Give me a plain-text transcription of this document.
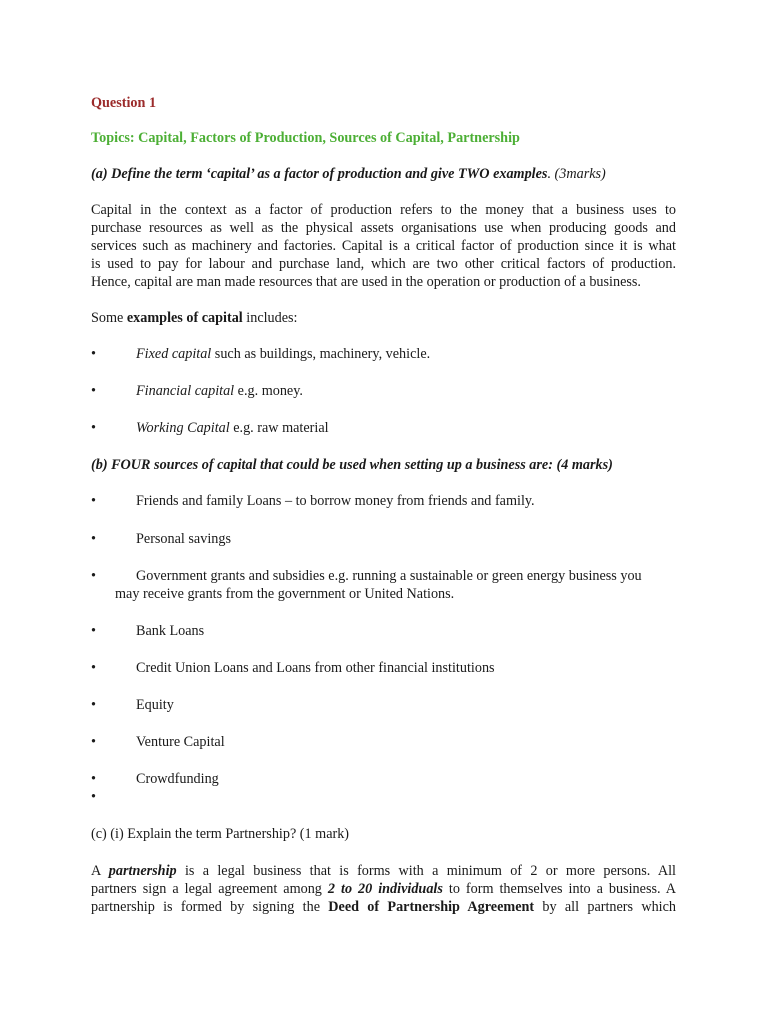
Question 1
Topics: Capital, Factors of Production, Sources of Capital, Partnership
(a) Define the term ‘capital’ as a factor of production and give TWO examples. (3marks)
Capital in the context as a factor of production refers to the money that a business uses to
purchase resources as well as the physical assets organisations use when producing goods and
services such as machinery and factories. Capital is a critical factor of production since it is what
is used to pay for labour and purchase land, which are two other critical factors of production.
Hence, capital are man made resources that are used in the operation or production of a business.
Some examples of capital includes:
•	Fixed capital such as buildings, machinery, vehicle.
•	Financial capital e.g. money.
•	Working Capital e.g. raw material
(b) FOUR sources of capital that could be used when setting up a business are: (4 marks)
•	Friends and family Loans – to borrow money from friends and family.
•	Personal savings
•	Government grants and subsidies e.g. running a sustainable or green energy business you
may receive grants from the government or United Nations.
•	Bank Loans
•	Credit Union Loans and Loans from other financial institutions
•	Equity
•	Venture Capital
•	Crowdfunding
•
(c) (i) Explain the term Partnership? (1 mark)
A partnership is a legal business that is forms with a minimum of 2 or more persons. All
partners sign a legal agreement among 2 to 20 individuals to form themselves into a business. A
partnership is formed by signing the Deed of Partnership Agreement by all partners which
